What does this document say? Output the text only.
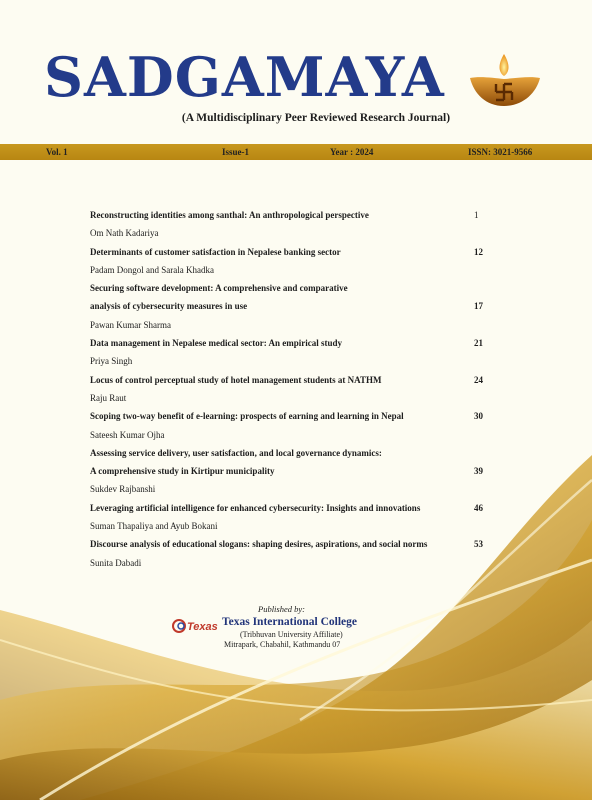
SADGAMAYA
(A Multidisciplinary Peer Reviewed Research Journal)
Vol. 1	Issue-1	Year : 2024	ISSN: 3021-9566
Reconstructing identities among santhal: An anthropological perspective	1
Om Nath Kadariya
Determinants of customer satisfaction in Nepalese banking sector	12
Padam Dongol and Sarala Khadka
Securing software development: A comprehensive and comparative
analysis of cybersecurity measures in use	17
Pawan Kumar Sharma
Data management in Nepalese medical sector: An empirical study	21
Priya Singh
Locus of control perceptual study of hotel management students at NATHM	24
Raju Raut
Scoping two-way benefit of e-learning: prospects of earning and learning in Nepal	30
Sateesh Kumar Ojha
Assessing service delivery, user satisfaction, and local governance dynamics:
A comprehensive study in Kirtipur municipality	39
Sukdev Rajbanshi
Leveraging artificial intelligence for enhanced cybersecurity: Insights and innovations	46
Suman Thapaliya and Ayub Bokani
Discourse analysis of educational slogans: shaping desires, aspirations, and social norms	53
Sunita Dabadi
Published by:
Texas Texas International College
(Tribhuvan University Affiliate)
Mitrapark, Chabahil, Kathmandu 07
